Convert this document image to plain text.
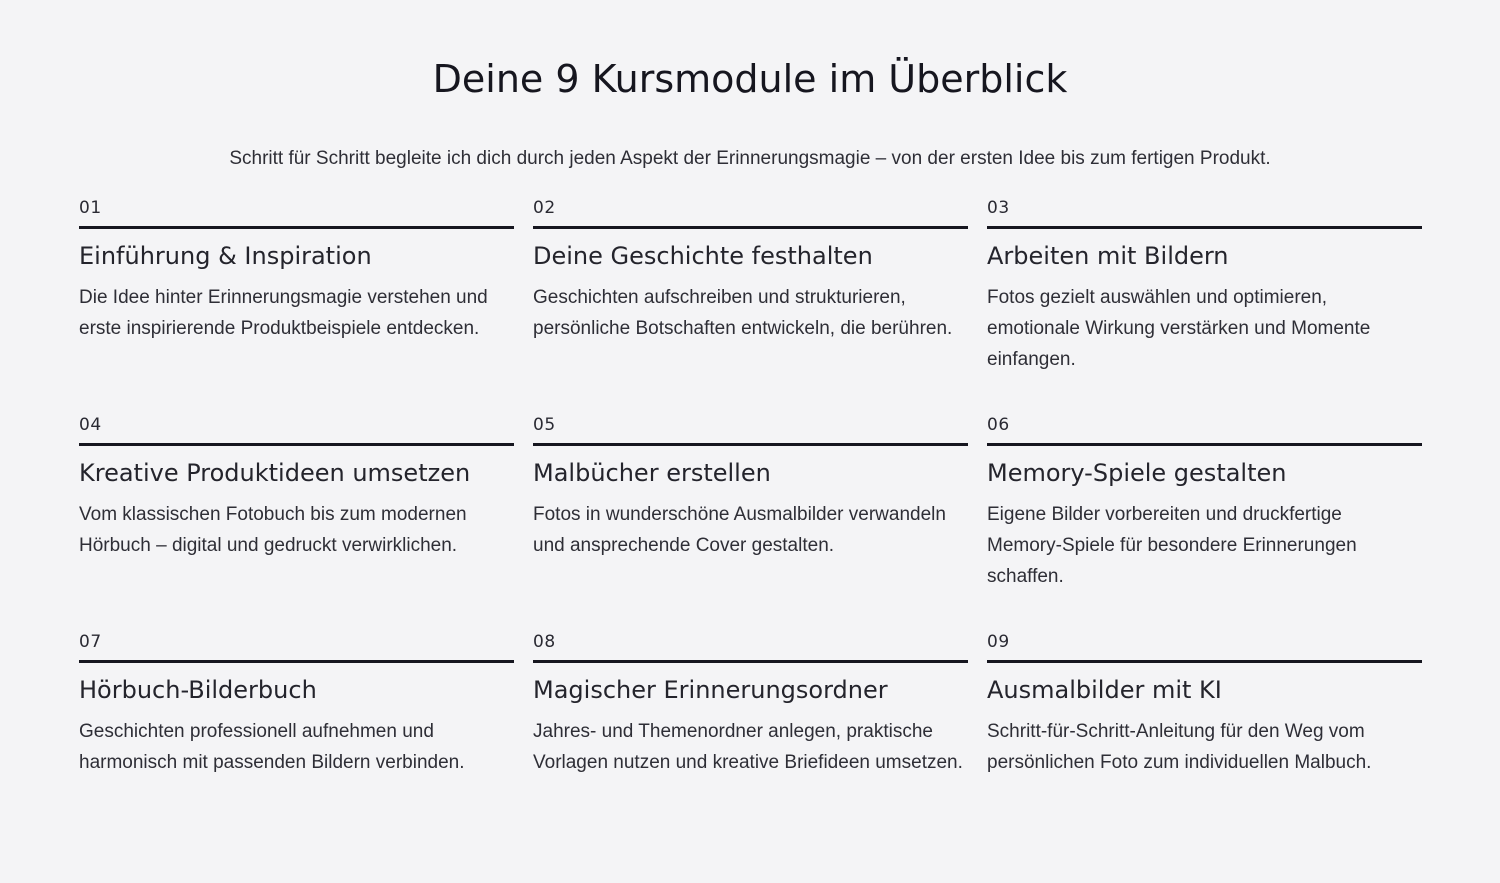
Deine 9 Kursmodule im Überblick

Schritt für Schritt begleite ich dich durch jeden Aspekt der Erinnerungsmagie – von der ersten Idee bis zum fertigen Produkt.

01
Einführung & Inspiration

Die Idee hinter Erinnerungsmagie verstehen und erste inspirierende Produktbeispiele entdecken.

02
Deine Geschichte festhalten

Geschichten aufschreiben und strukturieren, persönliche Botschaften entwickeln, die berühren.

03
Arbeiten mit Bildern

Fotos gezielt auswählen und optimieren, emotionale Wirkung verstärken und Momente einfangen.

04
Kreative Produktideen umsetzen

Vom klassischen Fotobuch bis zum modernen Hörbuch – digital und gedruckt verwirklichen.

05
Malbücher erstellen

Fotos in wunderschöne Ausmalbilder verwandeln und ansprechende Cover gestalten.

06
Memory-Spiele gestalten

Eigene Bilder vorbereiten und druckfertige Memory-Spiele für besondere Erinnerungen schaffen.

07
Hörbuch-Bilderbuch

Geschichten professionell aufnehmen und harmonisch mit passenden Bildern verbinden.

08
Magischer Erinnerungsordner

Jahres- und Themenordner anlegen, praktische Vorlagen nutzen und kreative Briefideen umsetzen.

09
Ausmalbilder mit KI

Schritt-für-Schritt-Anleitung für den Weg vom persönlichen Foto zum individuellen Malbuch.
